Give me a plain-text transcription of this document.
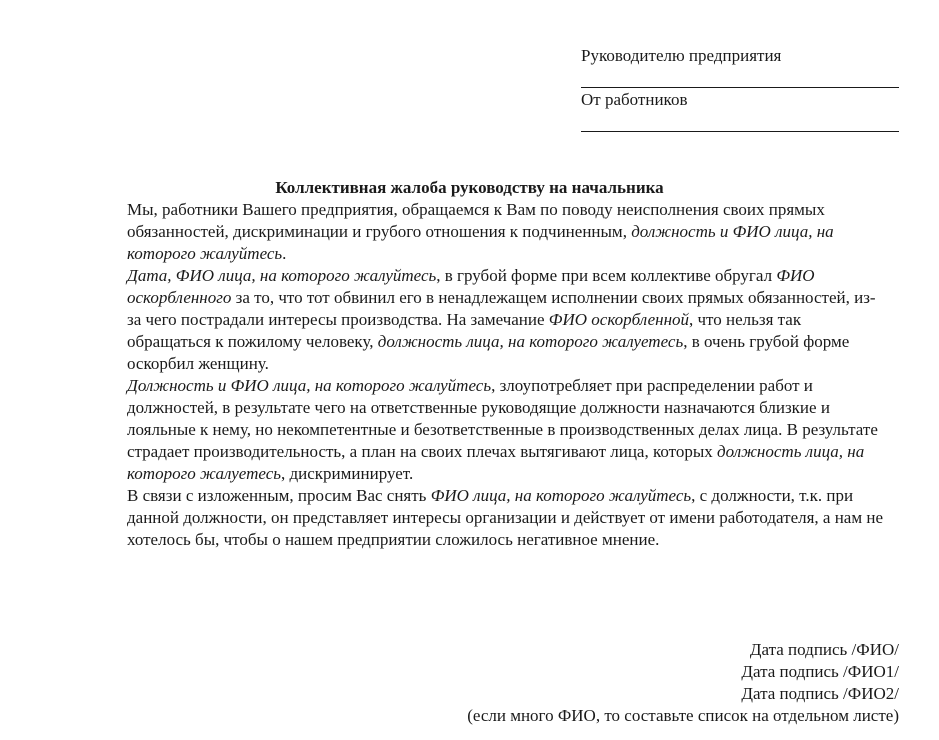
Руководителю предприятия
От работников
Коллективная жалоба руководству на начальника

Мы, работники Вашего предприятия, обращаемся к Вам по поводу неисполнения своих прямых обязанностей, дискриминации и грубого отношения к подчиненным, должность и ФИО лица, на которого жалуйтесь.

Дата, ФИО лица, на которого жалуйтесь, в грубой форме при всем коллективе обругал ФИО оскорбленного за то, что тот обвинил его в ненадлежащем исполнении своих прямых обязанностей, из-за чего пострадали интересы производства. На замечание ФИО оскорбленной, что нельзя так обращаться к пожилому человеку, должность лица, на которого жалуетесь, в очень грубой форме оскорбил женщину.

Должность и ФИО лица, на которого жалуйтесь, злоупотребляет при распределении работ и должностей, в результате чего на ответственные руководящие должности назначаются близкие и лояльные к нему, но некомпетентные и безответственные в производственных делах лица. В результате страдает производительность, а план на своих плечах вытягивают лица, которых должность лица, на которого жалуетесь, дискриминирует.

В связи с изложенным, просим Вас снять ФИО лица, на которого жалуйтесь, с должности, т.к. при данной должности, он представляет интересы организации и действует от имени работодателя, а нам не хотелось бы, чтобы о нашем предприятии сложилось негативное мнение.

Дата подпись /ФИО/
Дата подпись /ФИО1/
Дата подпись /ФИО2/
(если много ФИО, то составьте список на отдельном листе)
